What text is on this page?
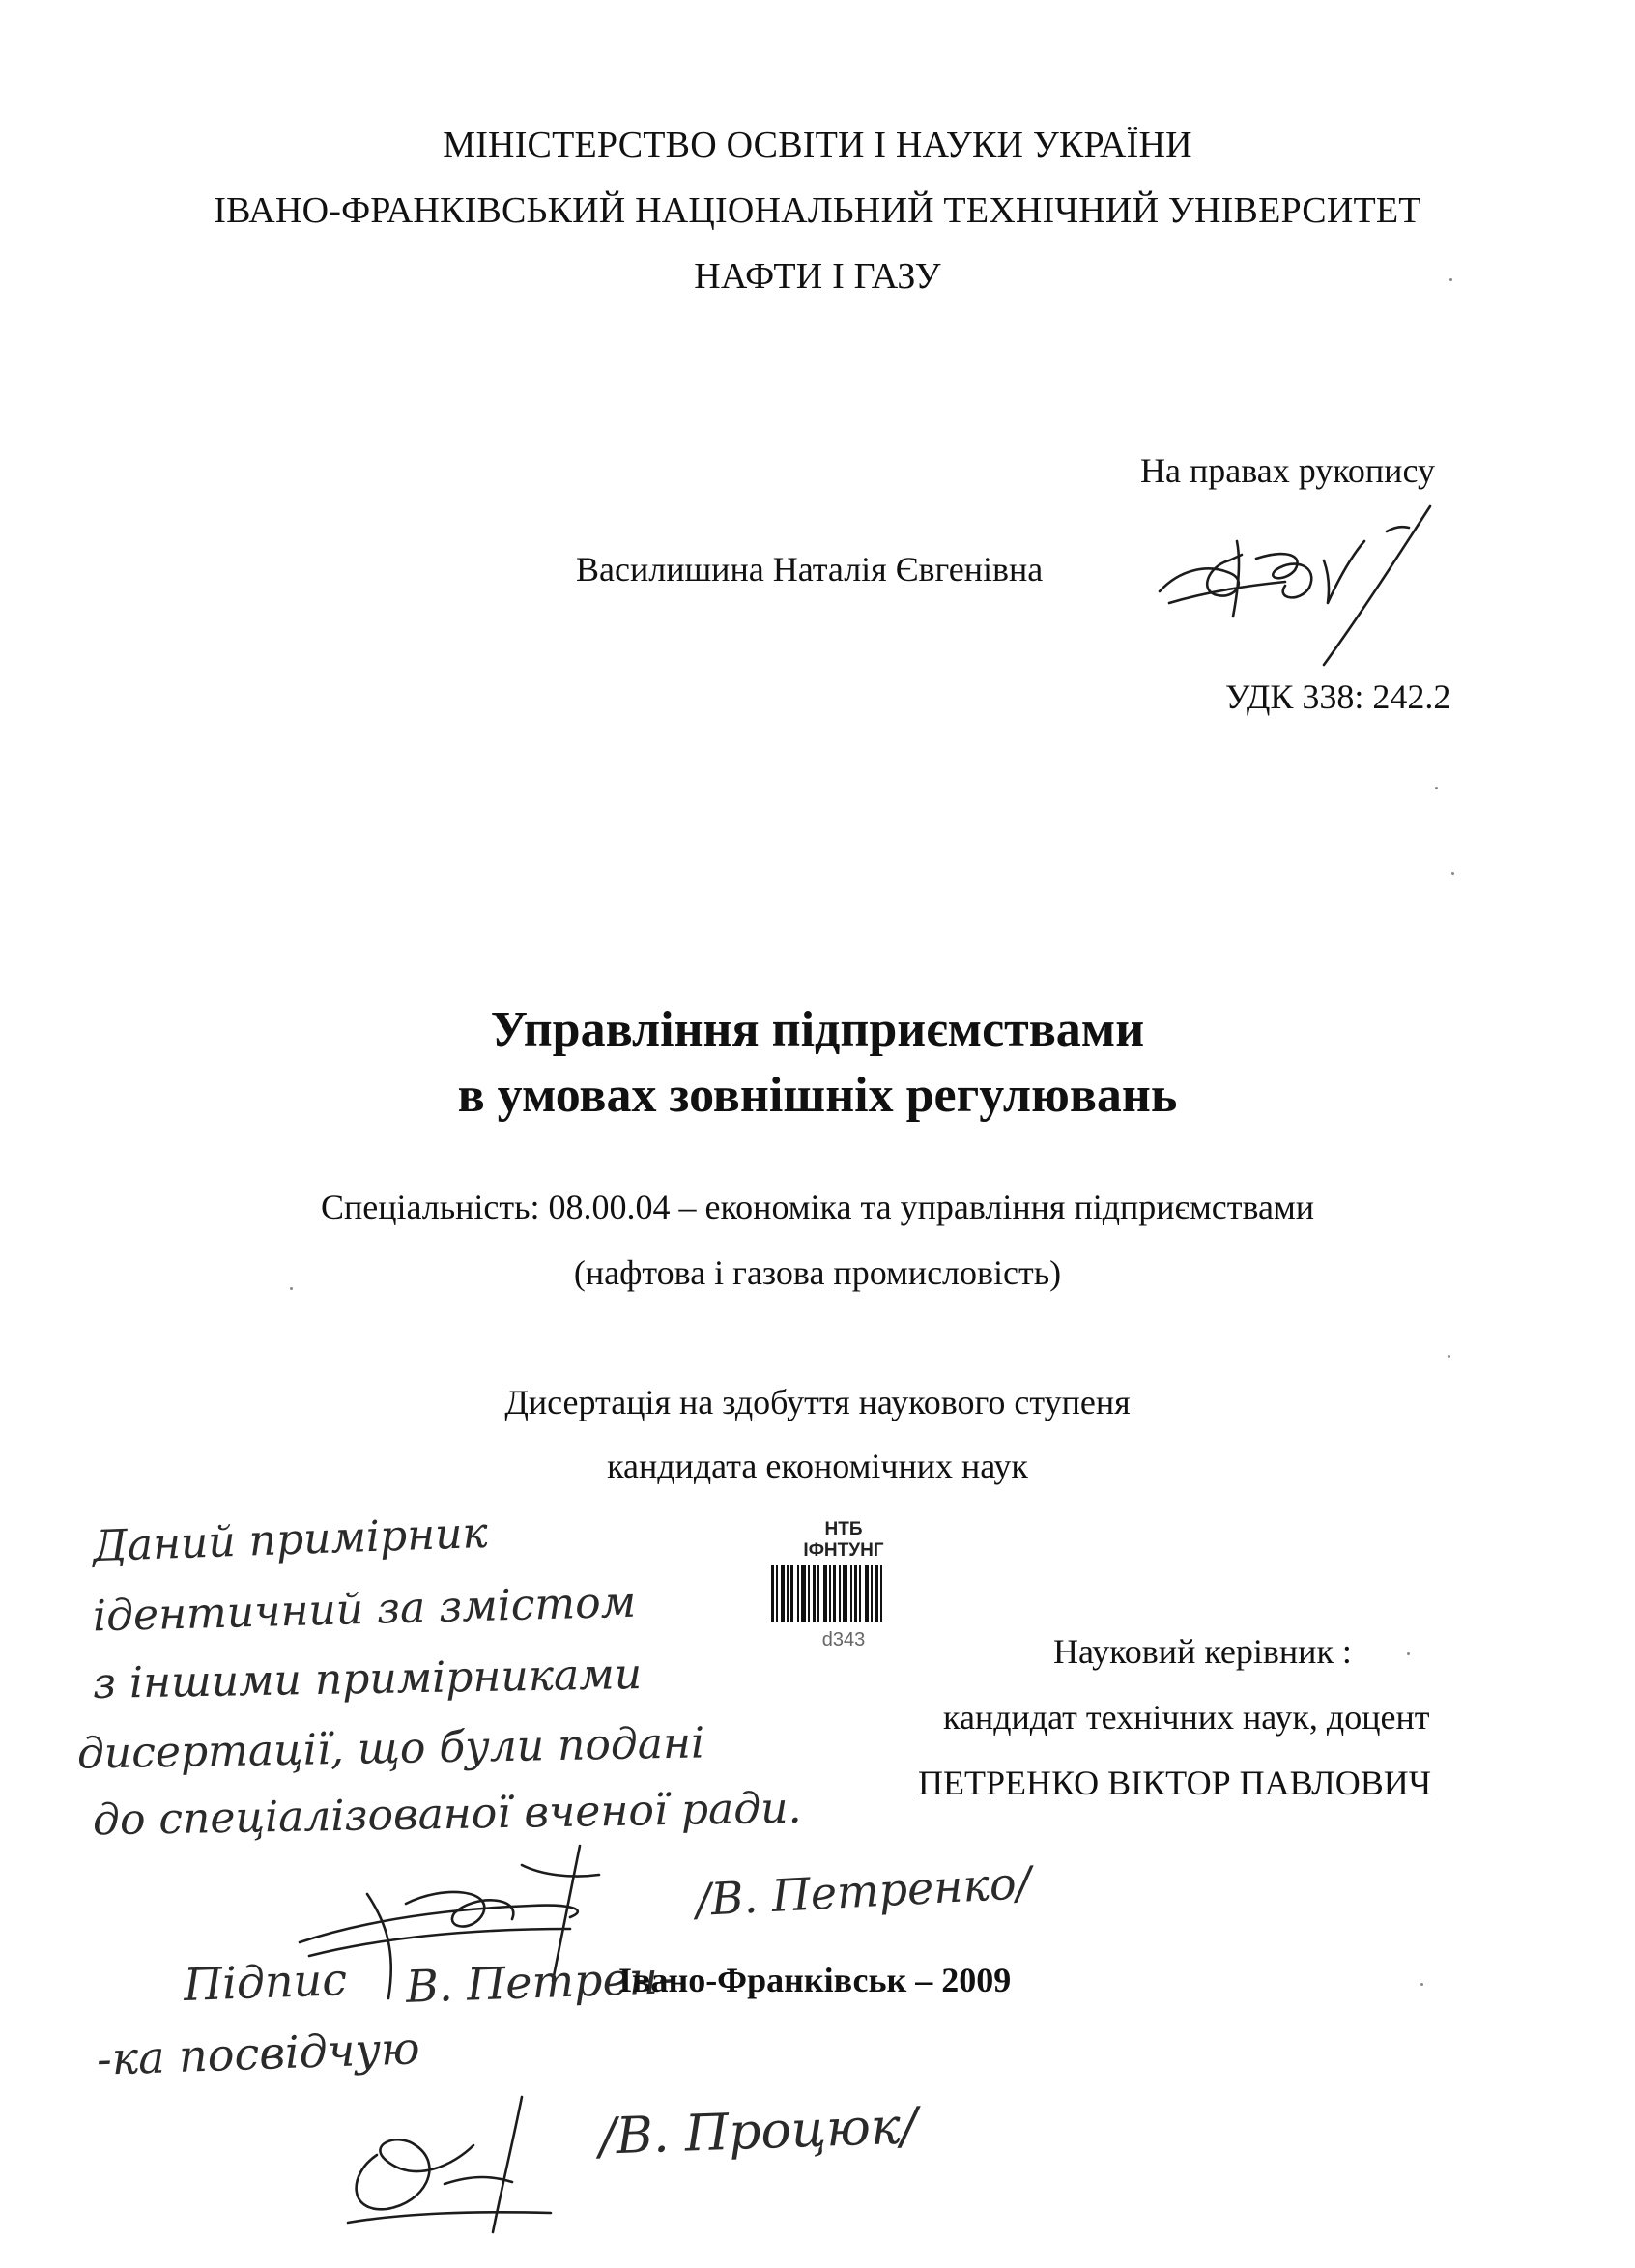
МІНІСТЕРСТВО ОСВІТИ І НАУКИ УКРАЇНИ
ІВАНО-ФРАНКІВСЬКИЙ НАЦІОНАЛЬНИЙ ТЕХНІЧНИЙ УНІВЕРСИТЕТ
НАФТИ І ГАЗУ
На правах рукопису
Василишина Наталія Євгенівна
УДК 338: 242.2
Управління підприємствами
в умовах зовнішніх регулювань
Спеціальність: 08.00.04 – економіка та управління підприємствами
(нафтова і газова промисловість)
Дисертація на здобуття наукового ступеня
кандидата економічних наук
НТБ
ІФНТУНГ
d343	Науковий керівник :
кандидат технічних наук, доцент
ПЕТРЕНКО ВІКТОР ПАВЛОВИЧ
Даний примірник
ідентичний за змістом
з іншими примірниками
дисертації, що були подані
до спеціалізованої вченої ради.
/В. Петренко/
Підпис В. Петрен-
Івано-Франківськ – 2009
-ка посвідчую
/В. Процюк/
